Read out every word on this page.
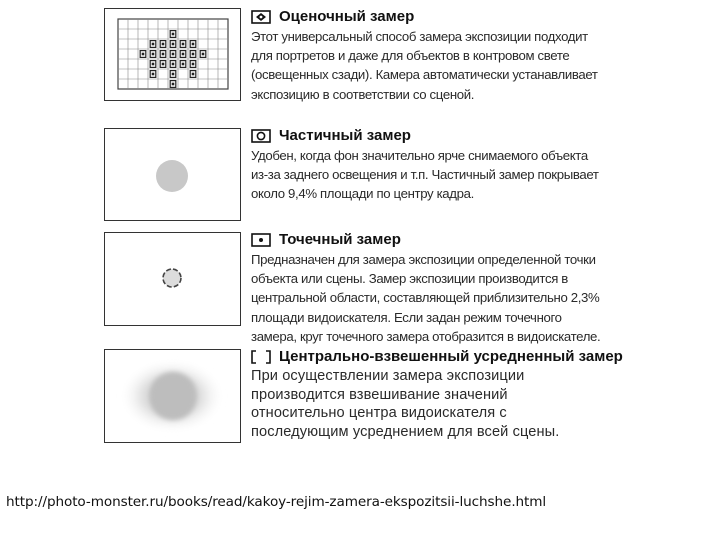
Оценочный замер
Этот универсальный способ замера экспозиции подходит
для портретов и даже для объектов в контровом свете
(освещенных сзади). Камера автоматически устанавливает
экспозицию в соответствии со сценой.
Частичный замер
Удобен, когда фон значительно ярче снимаемого объекта
из-за заднего освещения и т.п. Частичный замер покрывает
около 9,4% площади по центру кадра.
Точечный замер
Предназначен для замера экспозиции определенной точки
объекта или сцены. Замер экспозиции производится в
центральной области, составляющей приблизительно 2,3%
площади видоискателя. Если задан режим точечного
замера, круг точечного замера отобразится в видоискателе.
Центрально-взвешенный усредненный замер
При осуществлении замера экспозиции
производится взвешивание значений
относительно центра видоискателя с
последующим усреднением для всей сцены.
http://photo-monster.ru/books/read/kakoy-rejim-zamera-ekspozitsii-luchshe.html
